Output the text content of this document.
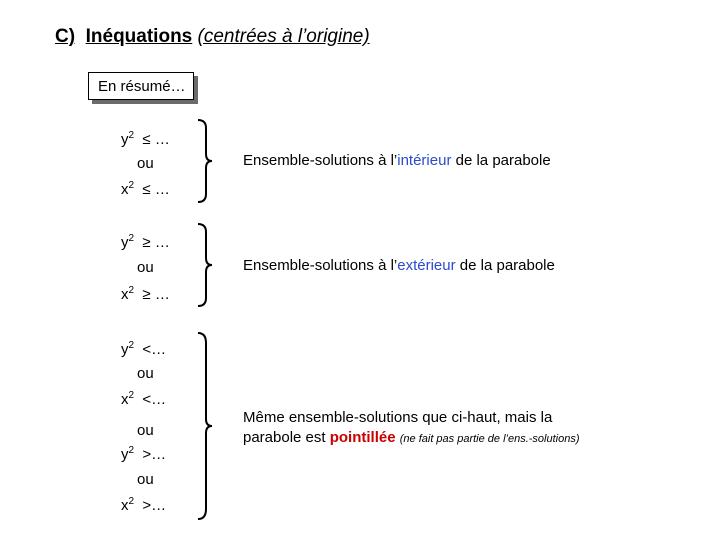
C) Inéquations (centrées à l’origine)
En résumé…
$y^2$ ≤ …
ou
$x^2$ ≤ …
Ensemble-solutions à l’intérieur de la parabole
$y^2$ ≥ …
ou
$x^2$ ≥ …
Ensemble-solutions à l’extérieur de la parabole
$y^2$ <…
ou
$x^2$ <…
ou
$y^2$ >…
ou
$x^2$ >…
Même ensemble-solutions que ci-haut, mais la
parabole est pointillée (ne fait pas partie de l’ens.-solutions)
